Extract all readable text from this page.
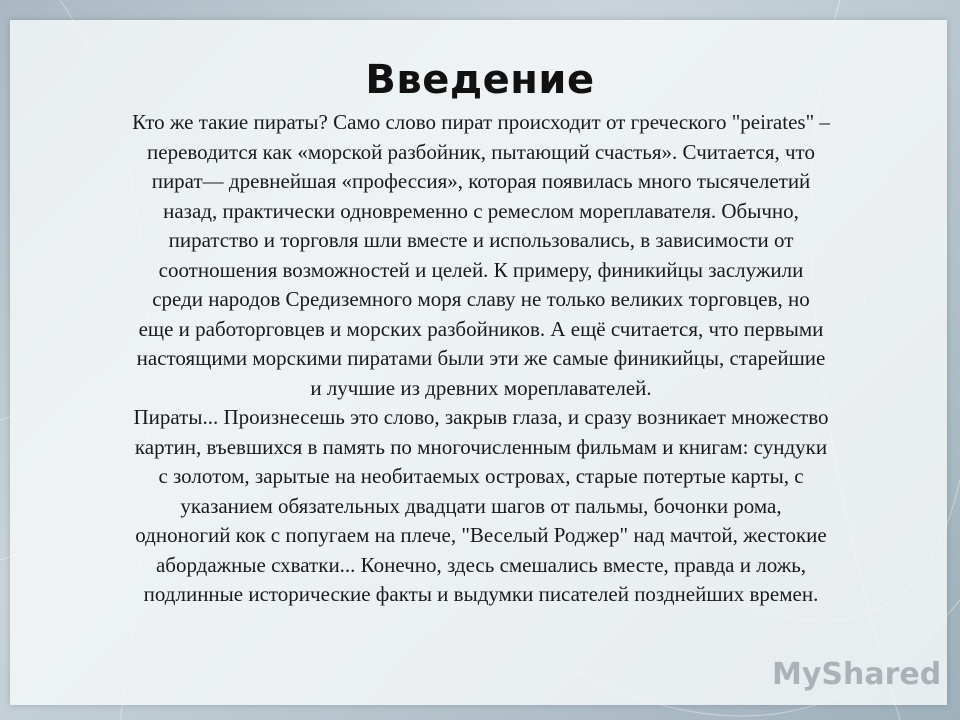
Введение

Кто же такие пираты? Само слово пират происходит от греческого "peirates" –
переводится как «морской разбойник, пытающий счастья». Считается, что
пират— древнейшая «профессия», которая появилась много тысячелетий
назад, практически одновременно с ремеслом мореплавателя. Обычно,
пиратство и торговля шли вместе и использовались, в зависимости от
соотношения возможностей и целей. К примеру, финикийцы заслужили
среди народов Средиземного моря славу не только великих торговцев, но
еще и работорговцев и морских разбойников. А ещё считается, что первыми
настоящими морскими пиратами были эти же самые финикийцы, старейшие
и лучшие из древних мореплавателей.

Пираты... Произнесешь это слово, закрыв глаза, и сразу возникает множество
картин, въевшихся в память по многочисленным фильмам и книгам: сундуки
с золотом, зарытые на необитаемых островах, старые потертые карты, с
указанием обязательных двадцати шагов от пальмы, бочонки рома,
одноногий кок с попугаем на плече, "Веселый Роджер" над мачтой, жестокие
абордажные схватки... Конечно, здесь смешались вместе, правда и ложь,
подлинные исторические факты и выдумки писателей позднейших времен.

MyShared
